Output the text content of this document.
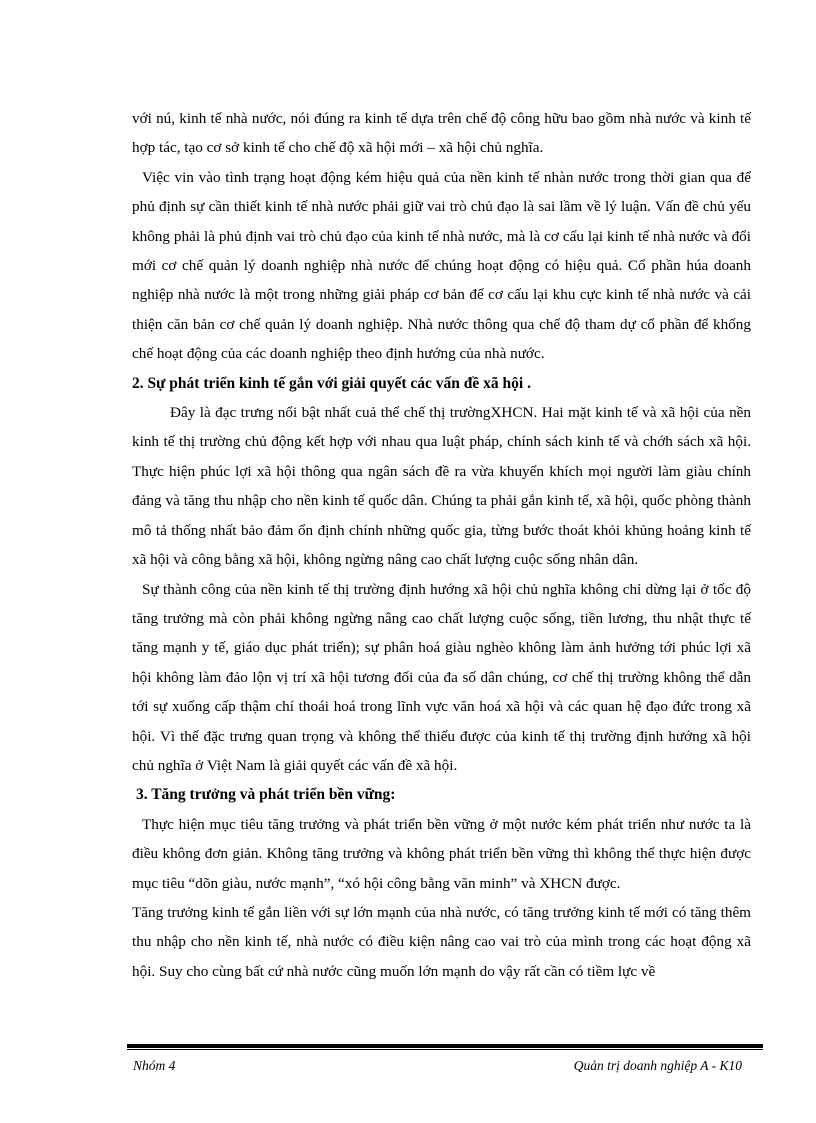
với nú, kinh tế nhà nước, nói đúng ra kinh tế dựa trên chế độ công hữu bao gồm nhà nước và kinh tế hợp tác, tạo cơ sở kinh tế cho chế độ xã hội mới – xã hội chủ nghĩa.

Việc vin vào tình trạng hoạt động kém hiệu quả của nền kinh tế nhàn nước trong thời gian qua để phủ định sự cần thiết kinh tế nhà nước phải giữ vai trò chủ đạo là sai lầm về lý luận. Vấn đề chủ yếu không phải là phủ định vai trò chủ đạo của kinh tế nhà nước, mà là cơ cấu lại kinh tế nhà nước và đổi mới cơ chế quản lý doanh nghiệp nhà nước để chúng hoạt động có hiệu quả. Cổ phần húa doanh nghiệp nhà nước là một trong những giải pháp cơ bản để cơ cấu lại khu cực kinh tế nhà nước và cải thiện căn bản cơ chế quản lý doanh nghiệp. Nhà nước thông qua chế độ tham dự cổ phần để khống chế hoạt động của các doanh nghiệp theo định hướng của nhà nước.

2. Sự phát triển kinh tế gắn với giải quyết các vấn đề xã hội .

Đây là đạc trưng nổi bật nhất cuả thể chế thị trườngXHCN. Hai mặt kinh tế và xã hội của nền kinh tế thị trường chủ động kết hợp với nhau qua luật pháp, chính sách kinh tế và chớh sách xã hội. Thực hiện phúc lợi xã hội thông qua ngân sách đề ra vừa khuyến khích mọi người làm giàu chính đảng và tăng thu nhập cho nền kinh tế quốc dân. Chúng ta phải gắn kinh tế, xã hội, quốc phòng thành mô tả thống nhất bảo đảm ổn định chính những quốc gia, từng bước thoát khỏi khủng hoảng kinh tế xã hội và công bằng xã hội, không ngừng nâng cao chất lượng cuộc sống nhân dân.

Sự thành công của nền kinh tế thị trường định hướng xã hội chủ nghĩa không chỉ dừng lại ở tốc độ tăng trưởng mà còn phải không ngừng nâng cao chất lượng cuộc sống, tiền lương, thu nhật thực tế tăng mạnh y tế, giáo dục phát triển); sự phân hoá giàu nghèo không làm ảnh hưởng tới phúc lợi xã hội không làm đảo lộn vị trí xã hội tương đối của đa số dân chúng, cơ chế thị trường không thể dẫn tới sự xuống cấp thậm chí thoái hoá trong lĩnh vực văn hoá xã hội và các quan hệ đạo đức trong xã hội. Vì thế đặc trưng quan trọng và không thể thiếu được của kinh tế thị trường định hướng xã hội chủ nghĩa ở Việt Nam là giải quyết các vấn đề xã hội.

3. Tăng trưởng và phát triển bền vững:

Thực hiện mục tiêu tăng trưởng và phát triển bền vững ở một nước kém phát triển như nước ta là điều không đơn giản. Không tăng trưởng và không phát triển bền vững thì không thể thực hiện được mục tiêu “dõn giàu, nước mạnh”, “xó hội công bằng văn minh” và XHCN được.

Tăng trưởng kinh tế gắn liền với sự lớn mạnh của nhà nước, có tăng trưởng kinh tế mới có tăng thêm thu nhập cho nền kinh tế, nhà nước có điều kiện nâng cao vai trò của mình trong các hoạt động xã hội. Suy cho cùng bất cứ nhà nước cũng muốn lớn mạnh do vậy rất cần có tiềm lực về

Nhóm 4	Quản trị doanh nghiệp A - K10
